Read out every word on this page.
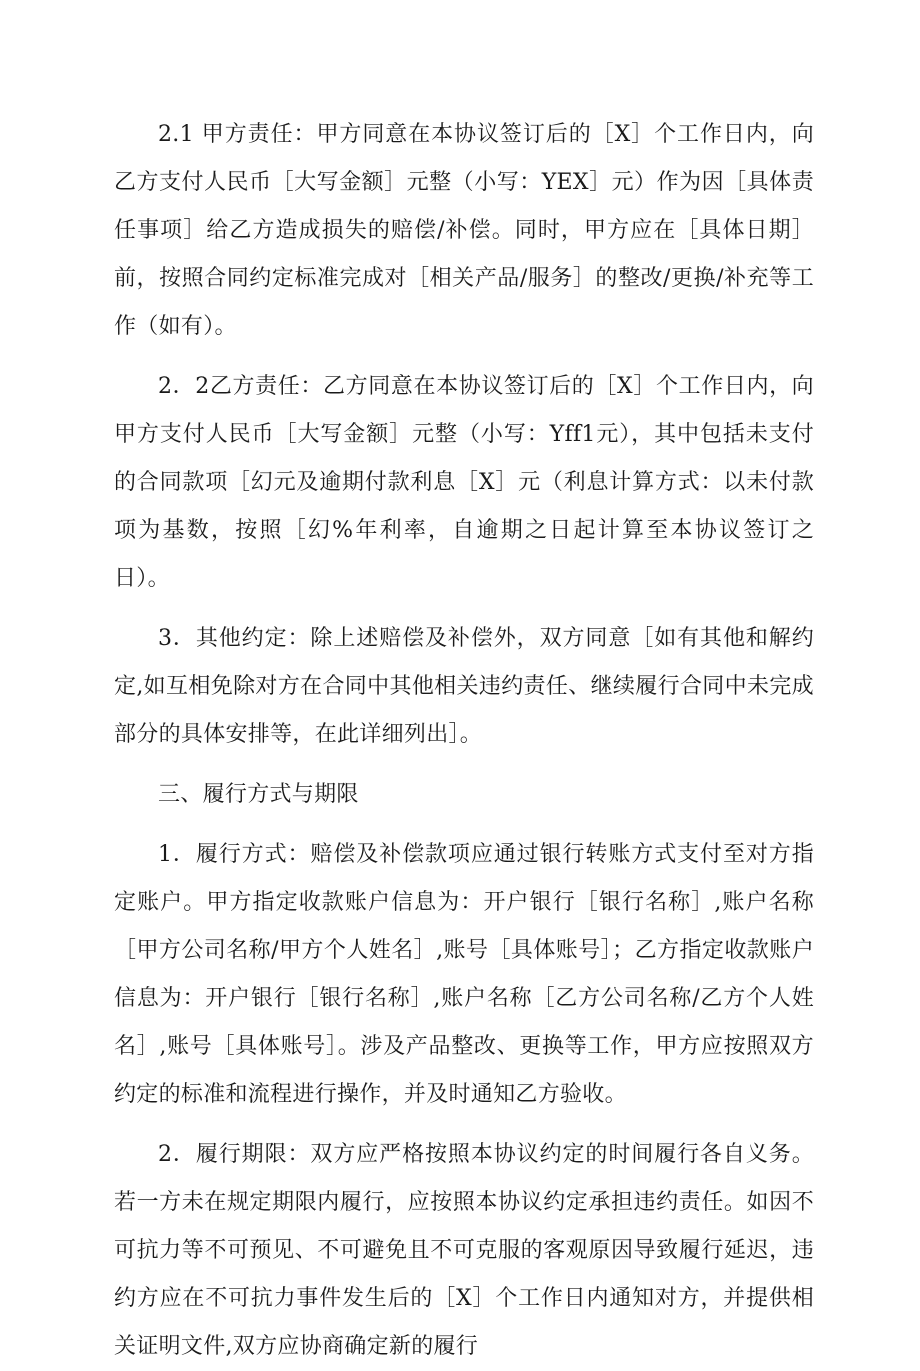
2.1 甲方责任：甲方同意在本协议签订后的［X］个工作日内，向乙方支付人民币［大写金额］元整（小写：YEX］元）作为因［具体责任事项］给乙方造成损失的赔偿/补偿。同时，甲方应在［具体日期］前，按照合同约定标准完成对［相关产品/服务］的整改/更换/补充等工作（如有）。

2．2乙方责任：乙方同意在本协议签订后的［X］个工作日内，向甲方支付人民币［大写金额］元整（小写：Yff1元），其中包括未支付的合同款项［幻元及逾期付款利息［X］元（利息计算方式：以未付款项为基数，按照［幻%年利率，自逾期之日起计算至本协议签订之日）。

3．其他约定：除上述赔偿及补偿外，双方同意［如有其他和解约定,如互相免除对方在合同中其他相关违约责任、继续履行合同中未完成部分的具体安排等，在此详细列出］。

三、履行方式与期限

1．履行方式：赔偿及补偿款项应通过银行转账方式支付至对方指定账户。甲方指定收款账户信息为：开户银行［银行名称］,账户名称［甲方公司名称/甲方个人姓名］,账号［具体账号］；乙方指定收款账户信息为：开户银行［银行名称］,账户名称［乙方公司名称/乙方个人姓名］,账号［具体账号］。涉及产品整改、更换等工作，甲方应按照双方约定的标准和流程进行操作，并及时通知乙方验收。

2．履行期限：双方应严格按照本协议约定的时间履行各自义务。若一方未在规定期限内履行，应按照本协议约定承担违约责任。如因不可抗力等不可预见、不可避免且不可克服的客观原因导致履行延迟，违约方应在不可抗力事件发生后的［X］个工作日内通知对方，并提供相关证明文件,双方应协商确定新的履行
